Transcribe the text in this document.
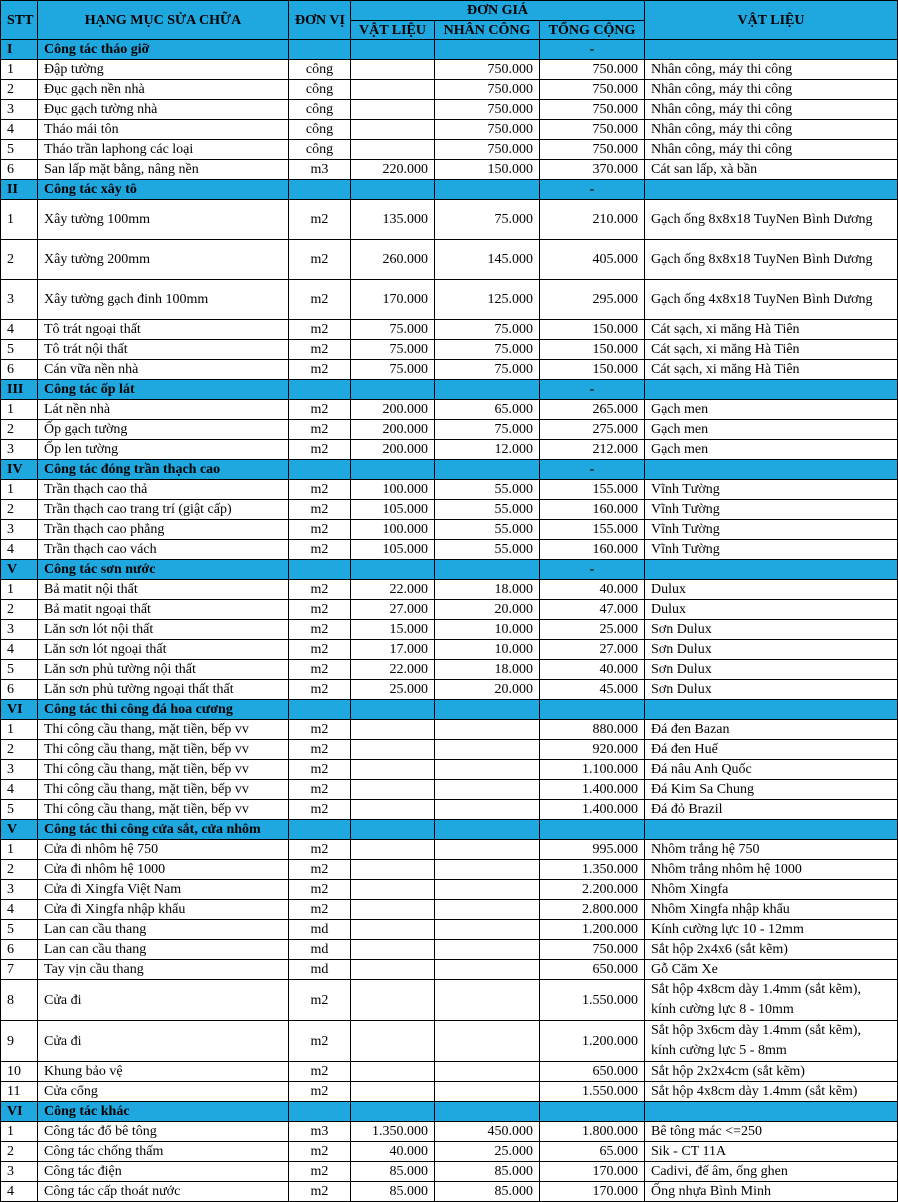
STT	HẠNG MỤC SỬA CHỮA	ĐƠN VỊ	ĐƠN GIÁ			VẬT LIỆU
			VẬT LIỆU	NHÂN CÔNG	TỔNG CỘNG	
I	Công tác tháo giỡ				-	
1	Đập tường	công		750.000	750.000	Nhân công, máy thi công
2	Đục gạch nền nhà	công		750.000	750.000	Nhân công, máy thi công
3	Đục gạch tường nhà	công		750.000	750.000	Nhân công, máy thi công
4	Tháo mái tôn	công		750.000	750.000	Nhân công, máy thi công
5	Tháo trần laphong các loại	công		750.000	750.000	Nhân công, máy thi công
6	San lấp mặt bằng, nâng nền	m3	220.000	150.000	370.000	Cát san lấp, xà bần
II	Công tác xây tô				-	
1	Xây tường 100mm	m2	135.000	75.000	210.000	Gạch ống 8x8x18 TuyNen Bình Dương
2	Xây tường 200mm	m2	260.000	145.000	405.000	Gạch ống 8x8x18 TuyNen Bình Dương
3	Xây tường gạch đinh 100mm	m2	170.000	125.000	295.000	Gạch ống 4x8x18 TuyNen Bình Dương
4	Tô trát ngoại thất	m2	75.000	75.000	150.000	Cát sạch, xi măng Hà Tiên
5	Tô trát nội thất	m2	75.000	75.000	150.000	Cát sạch, xi măng Hà Tiên
6	Cán vữa nền nhà	m2	75.000	75.000	150.000	Cát sạch, xi măng Hà Tiên
III	Công tác ốp lát				-	
1	Lát nền nhà	m2	200.000	65.000	265.000	Gạch men
2	Ốp gạch tường	m2	200.000	75.000	275.000	Gạch men
3	Ốp len tường	m2	200.000	12.000	212.000	Gạch men
IV	Công tác đóng trần thạch cao				-	
1	Trần thạch cao thả	m2	100.000	55.000	155.000	Vĩnh Tường
2	Trần thạch cao trang trí (giật cấp)	m2	105.000	55.000	160.000	Vĩnh Tường
3	Trần thạch cao phẳng	m2	100.000	55.000	155.000	Vĩnh Tường
4	Trần thạch cao vách	m2	105.000	55.000	160.000	Vĩnh Tường
V	Công tác sơn nước				-	
1	Bả matit nội thất	m2	22.000	18.000	40.000	Dulux
2	Bả matit ngoại thất	m2	27.000	20.000	47.000	Dulux
3	Lăn sơn lót nội thất	m2	15.000	10.000	25.000	Sơn Dulux
4	Lăn sơn lót ngoại thất	m2	17.000	10.000	27.000	Sơn Dulux
5	Lăn sơn phủ tường nội thất	m2	22.000	18.000	40.000	Sơn Dulux
6	Lăn sơn phủ tường ngoại thất thất	m2	25.000	20.000	45.000	Sơn Dulux
VI	Công tác thi công đá hoa cương					
1	Thi công cầu thang, mặt tiền, bếp vv	m2			880.000	Đá đen Bazan
2	Thi công cầu thang, mặt tiền, bếp vv	m2			920.000	Đá đen Huế
3	Thi công cầu thang, mặt tiền, bếp vv	m2			1.100.000	Đá nâu Anh Quốc
4	Thi công cầu thang, mặt tiền, bếp vv	m2			1.400.000	Đá Kim Sa Chung
5	Thi công cầu thang, mặt tiền, bếp vv	m2			1.400.000	Đá đỏ Brazil
V	Công tác thi công cửa sắt, cửa nhôm					
1	Cửa đi nhôm hệ 750	m2			995.000	Nhôm trắng hệ 750
2	Cửa đi nhôm hệ 1000	m2			1.350.000	Nhôm trắng nhôm hệ 1000
3	Cửa đi Xingfa Việt Nam	m2			2.200.000	Nhôm Xingfa
4	Cửa đi Xingfa nhập khẩu	m2			2.800.000	Nhôm Xingfa nhập khẩu
5	Lan can cầu thang	md			1.200.000	Kính cường lực 10 - 12mm
6	Lan can cầu thang	md			750.000	Sắt hộp 2x4x6 (sắt kẽm)
7	Tay vịn cầu thang	md			650.000	Gỗ Căm Xe
8	Cửa đi	m2			1.550.000	Sắt hộp 4x8cm dày 1.4mm (sắt kẽm),
kính cường lực 8 - 10mm

9	Cửa đi	m2			1.200.000	Sắt hộp 3x6cm dày 1.4mm (sắt kẽm),
kính cường lực 5 - 8mm

10	Khung bảo vệ	m2			650.000	Sắt hộp 2x2x4cm (sắt kẽm)
11	Cửa cổng	m2			1.550.000	Sắt hộp 4x8cm dày 1.4mm (sắt kẽm)
VI	Công tác khác					
1	Công tác đổ bê tông	m3	1.350.000	450.000	1.800.000	Bê tông mác <=250
2	Công tác chống thấm	m2	40.000	25.000	65.000	Sik - CT 11A
3	Công tác điện	m2	85.000	85.000	170.000	Cadivi, đế âm, ống ghen
4	Công tác cấp thoát nước	m2	85.000	85.000	170.000	Ống nhựa Bình Minh
